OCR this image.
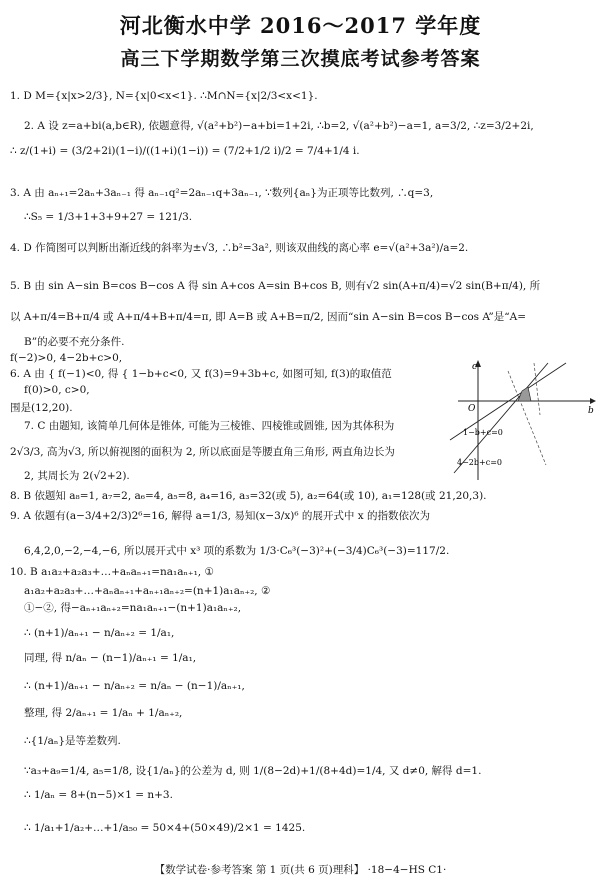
河北衡水中学 2016～2017 学年度
高三下学期数学第三次摸底考试参考答案
1. D M={x|x>2/3}, N={x|0<x<1}. ∴M∩N={x|2/3<x<1}.
2. A 设 z=a+bi(a,b∈R), 依题意得, √(a²+b²)−a+bi=1+2i, ∴b=2, √(a²+b²)−a=1, a=3/2, ∴z=3/2+2i,
∴ z/(1+i) = (3/2+2i)(1−i)/((1+i)(1−i)) = (7/2+1/2 i)/2 = 7/4+1/4 i.
3. A 由 aₙ₊₁=2aₙ+3aₙ₋₁ 得 aₙ₋₁q²=2aₙ₋₁q+3aₙ₋₁, ∵数列{aₙ}为正项等比数列, ∴q=3,
∴S₅ = 1/3+1+3+9+27 = 121/3.
4. D 作简图可以判断出渐近线的斜率为±√3, ∴b²=3a², 则该双曲线的离心率 e=√(a²+3a²)/a=2.
5. B 由 sin A−sin B=cos B−cos A 得 sin A+cos A=sin B+cos B, 则有√2 sin(A+π/4)=√2 sin(B+π/4), 所
以 A+π/4=B+π/4 或 A+π/4+B+π/4=π, 即 A=B 或 A+B=π/2, 因而“sin A−sin B=cos B−cos A”是“A=
B”的必要不充分条件.
f(−2)>0, 4−2b+c>0,
6. A 由 { f(−1)<0, 得 { 1−b+c<0, 又 f(3)=9+3b+c, 如图可知, f(3)的取值范
f(0)>0, c>0,
围是(12,20).
7. C 由题知, 该简单几何体是锥体, 可能为三棱锥、四棱锥或圆锥, 因为其体积为
2√3/3, 高为√3, 所以俯视图的面积为 2, 所以底面是等腰直角三角形, 两直角边长为
2, 其周长为 2(√2+2).
8. B 依题知 a₈=1, a₇=2, a₆=4, a₅=8, a₄=16, a₃=32(或 5), a₂=64(或 10), a₁=128(或 21,20,3).
9. A 依题有(a−3/4+2/3)2⁶=16, 解得 a=1/3, 易知(x−3/x)⁶ 的展开式中 x 的指数依次为
6,4,2,0,−2,−4,−6, 所以展开式中 x³ 项的系数为 1/3·C₆³(−3)²+(−3/4)C₆³(−3)=117/2.
10. B a₁a₂+a₂a₃+…+aₙaₙ₊₁=na₁aₙ₊₁, ①
a₁a₂+a₂a₃+…+aₙaₙ₊₁+aₙ₊₁aₙ₊₂=(n+1)a₁aₙ₊₂, ②
①−②, 得−aₙ₊₁aₙ₊₂=na₁aₙ₊₁−(n+1)a₁aₙ₊₂,
∴ (n+1)/aₙ₊₁ − n/aₙ₊₂ = 1/a₁,
同理, 得 n/aₙ − (n−1)/aₙ₊₁ = 1/a₁,
∴ (n+1)/aₙ₊₁ − n/aₙ₊₂ = n/aₙ − (n−1)/aₙ₊₁,
整理, 得 2/aₙ₊₁ = 1/aₙ + 1/aₙ₊₂,
∴{1/aₙ}是等差数列.
∵a₃+a₉=1/4, a₅=1/8, 设{1/aₙ}的公差为 d, 则 1/(8−2d)+1/(8+4d)=1/4, 又 d≠0, 解得 d=1.
∴ 1/aₙ = 8+(n−5)×1 = n+3.
∴ 1/a₁+1/a₂+…+1/a₅₀ = 50×4+(50×49)/2×1 = 1425.
c
b
O
1−b+c=0
4−2b+c=0
【数学试卷·参考答案 第 1 页(共 6 页)理科】 ·18−4−HS C1·
